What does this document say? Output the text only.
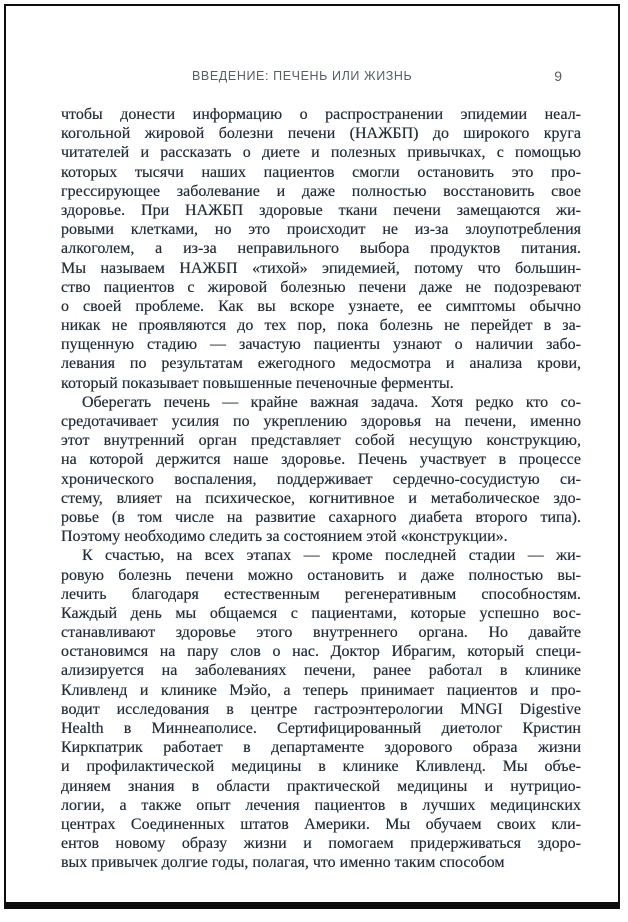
ВВЕДЕНИЕ: ПЕЧЕНЬ ИЛИ ЖИЗНЬ	9
чтобы донести информацию о распространении эпидемии неал-
когольной жировой болезни печени (НАЖБП) до широкого круга
читателей и рассказать о диете и полезных привычках, с помощью
которых тысячи наших пациентов смогли остановить это про-
грессирующее заболевание и даже полностью восстановить свое
здоровье. При НАЖБП здоровые ткани печени замещаются жи-
ровыми клетками, но это происходит не из-за злоупотребления
алкоголем, а из-за неправильного выбора продуктов питания.
Мы называем НАЖБП «тихой» эпидемией, потому что большин-
ство пациентов с жировой болезнью печени даже не подозревают
о своей проблеме. Как вы вскоре узнаете, ее симптомы обычно
никак не проявляются до тех пор, пока болезнь не перейдет в за-
пущенную стадию — зачастую пациенты узнают о наличии забо-
левания по результатам ежегодного медосмотра и анализа крови,
который показывает повышенные печеночные ферменты.
Оберегать печень — крайне важная задача. Хотя редко кто со-
средотачивает усилия по укреплению здоровья на печени, именно
этот внутренний орган представляет собой несущую конструкцию,
на которой держится наше здоровье. Печень участвует в процессе
хронического воспаления, поддерживает сердечно-сосудистую си-
стему, влияет на психическое, когнитивное и метаболическое здо-
ровье (в том числе на развитие сахарного диабета второго типа).
Поэтому необходимо следить за состоянием этой «конструкции».
К счастью, на всех этапах — кроме последней стадии — жи-
ровую болезнь печени можно остановить и даже полностью вы-
лечить благодаря естественным регенеративным способностям.
Каждый день мы общаемся с пациентами, которые успешно вос-
станавливают здоровье этого внутреннего органа. Но давайте
остановимся на пару слов о нас. Доктор Ибрагим, который специ-
ализируется на заболеваниях печени, ранее работал в клинике
Кливленд и клинике Мэйо, а теперь принимает пациентов и про-
водит исследования в центре гастроэнтерологии MNGI Digestive
Health в Миннеаполисе. Сертифицированный диетолог Кристин
Киркпатрик работает в департаменте здорового образа жизни
и профилактической медицины в клинике Кливленд. Мы объе-
диняем знания в области практической медицины и нутрицио-
логии, а также опыт лечения пациентов в лучших медицинских
центрах Соединенных штатов Америки. Мы обучаем своих кли-
ентов новому образу жизни и помогаем придерживаться здоро-
вых привычек долгие годы, полагая, что именно таким способом
